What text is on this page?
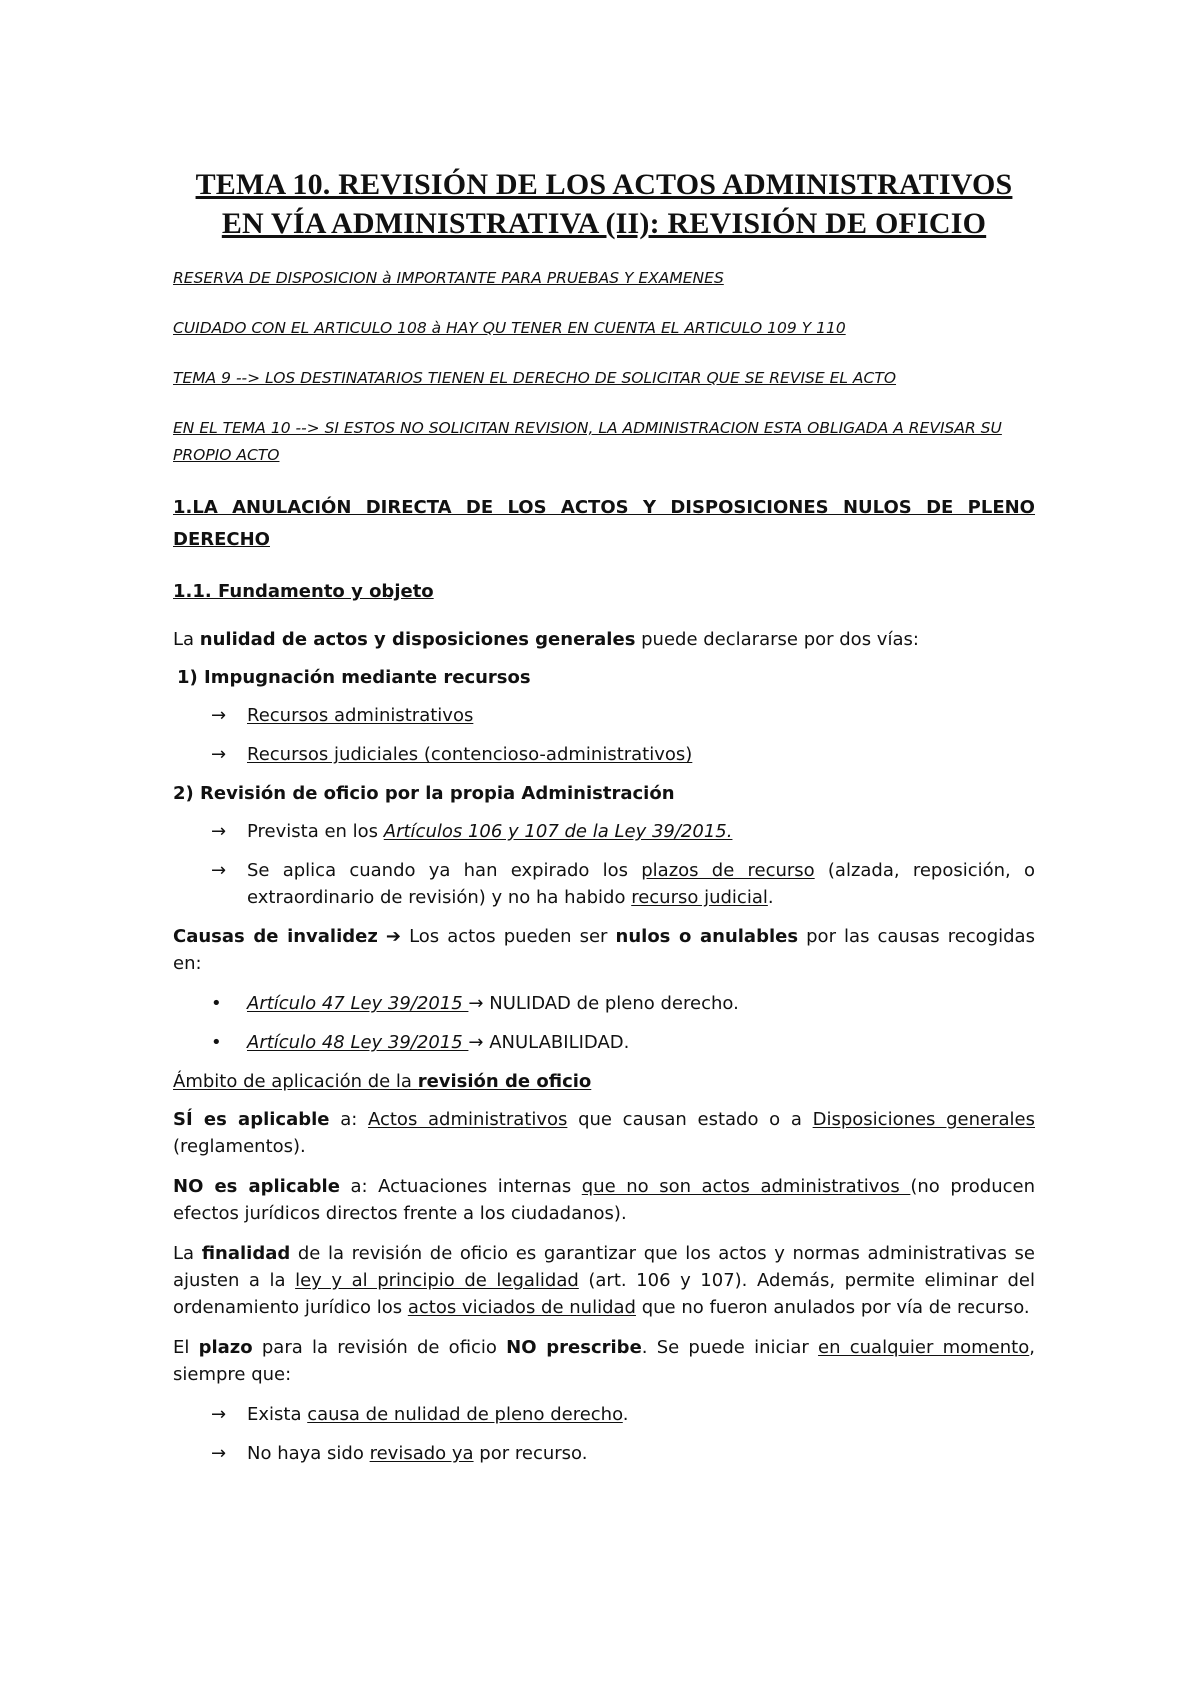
TEMA 10. REVISIÓN DE LOS ACTOS ADMINISTRATIVOS
EN VÍA ADMINISTRATIVA (II): REVISIÓN DE OFICIO
RESERVA DE DISPOSICION à IMPORTANTE PARA PRUEBAS Y EXAMENES
CUIDADO CON EL ARTICULO 108 à HAY QU TENER EN CUENTA EL ARTICULO 109 Y 110
TEMA 9 --> LOS DESTINATARIOS TIENEN EL DERECHO DE SOLICITAR QUE SE REVISE EL ACTO
EN EL TEMA 10 --> SI ESTOS NO SOLICITAN REVISION, LA ADMINISTRACION ESTA OBLIGADA A REVISAR SU PROPIO ACTO
1.LA ANULACIÓN DIRECTA DE LOS ACTOS Y DISPOSICIONES NULOS DE PLENO DERECHO
1.1. Fundamento y objeto
La nulidad de actos y disposiciones generales puede declararse por dos vías:
1) Impugnación mediante recursos
→ Recursos administrativos
→ Recursos judiciales (contencioso-administrativos)
2) Revisión de oficio por la propia Administración
→ Prevista en los Artículos 106 y 107 de la Ley 39/2015.
→ Se aplica cuando ya han expirado los plazos de recurso (alzada, reposición, o extraordinario de revisión) y no ha habido recurso judicial.
Causas de invalidez ➔ Los actos pueden ser nulos o anulables por las causas recogidas en:
• Artículo 47 Ley 39/2015 → NULIDAD de pleno derecho.
• Artículo 48 Ley 39/2015 → ANULABILIDAD.
Ámbito de aplicación de la revisión de oficio
SÍ es aplicable a: Actos administrativos que causan estado o a Disposiciones generales (reglamentos).
NO es aplicable a: Actuaciones internas que no son actos administrativos (no producen efectos jurídicos directos frente a los ciudadanos).
La finalidad de la revisión de oficio es garantizar que los actos y normas administrativas se ajusten a la ley y al principio de legalidad (art. 106 y 107). Además, permite eliminar del ordenamiento jurídico los actos viciados de nulidad que no fueron anulados por vía de recurso.
El plazo para la revisión de oficio NO prescribe. Se puede iniciar en cualquier momento, siempre que:
→ Exista causa de nulidad de pleno derecho.
→ No haya sido revisado ya por recurso.
